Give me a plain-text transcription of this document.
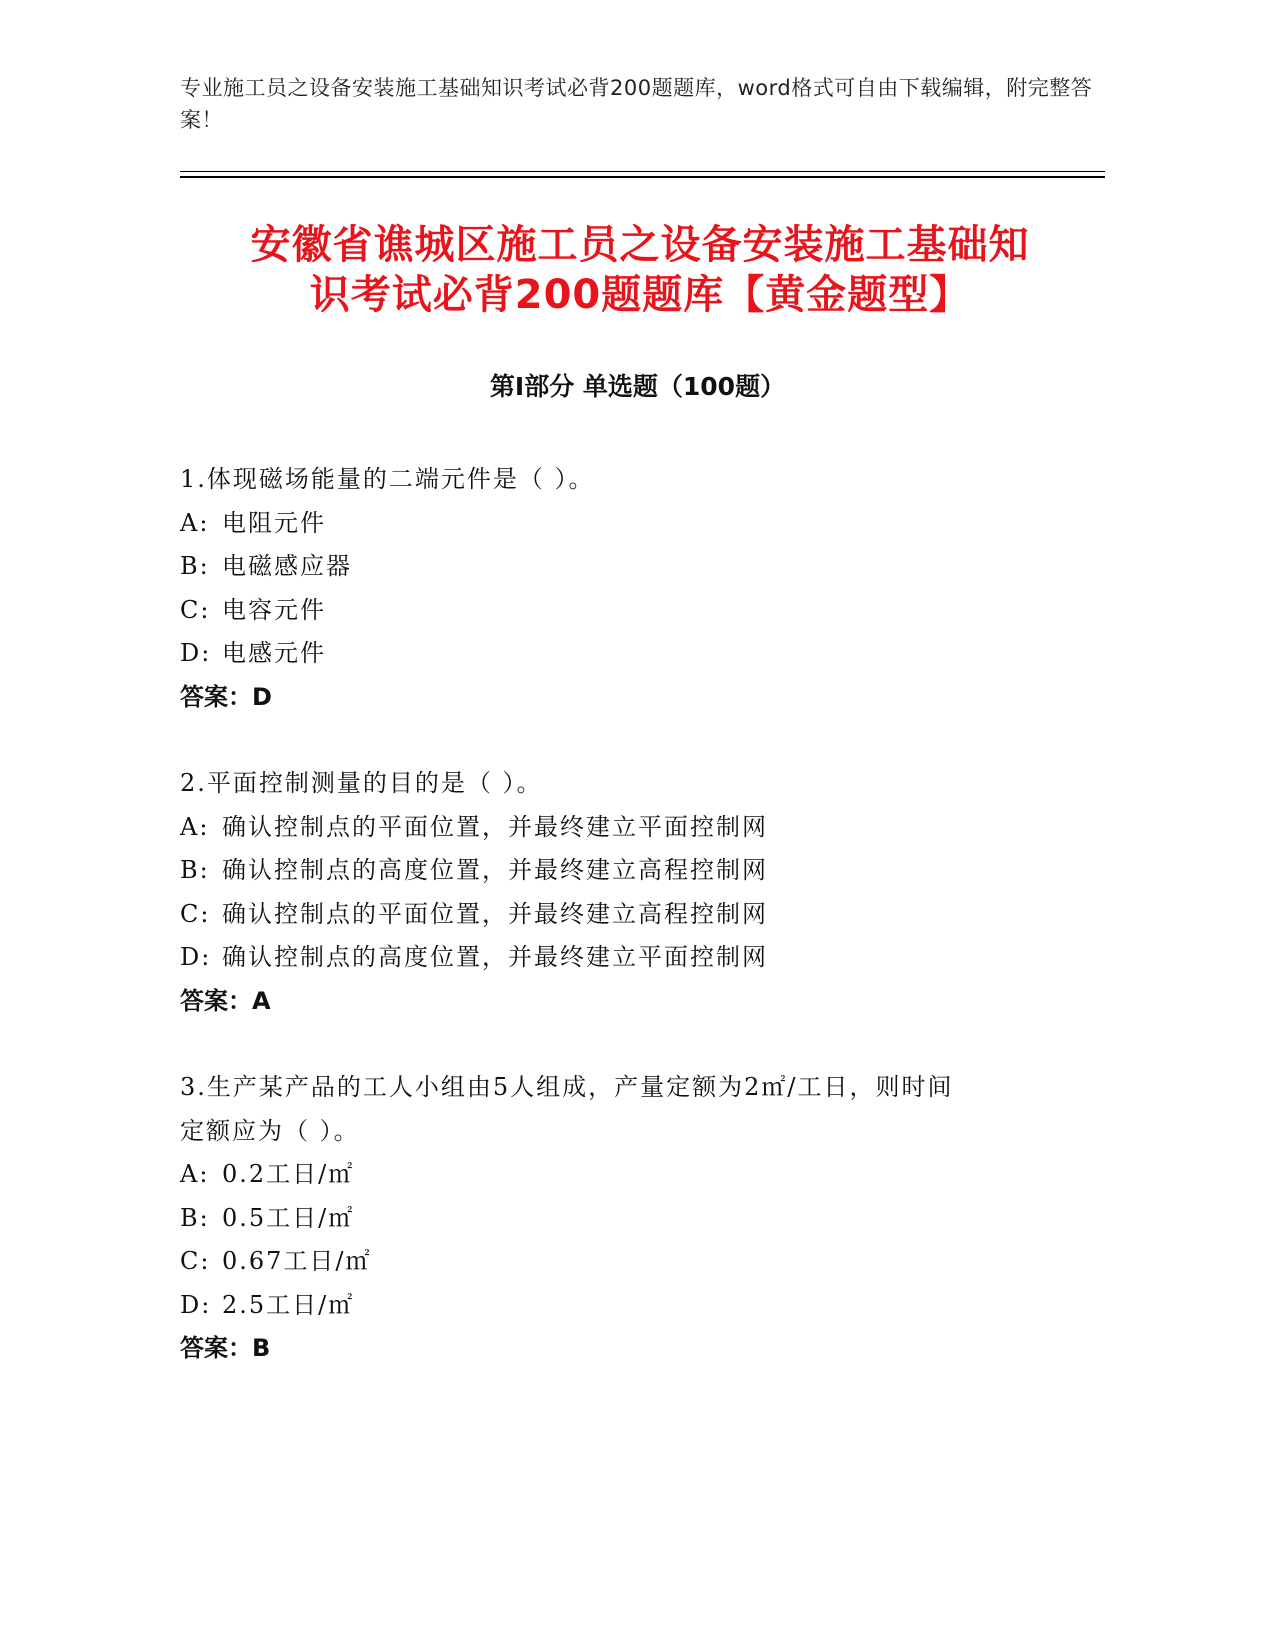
专业施工员之设备安装施工基础知识考试必背200题题库，word格式可自由下载编辑，附完整答案！
安徽省谯城区施工员之设备安装施工基础知
识考试必背200题题库【黄金题型】
第Ⅰ部分 单选题（100题）
1.体现磁场能量的二端元件是（ ）。
A: 电阻元件
B: 电磁感应器
C: 电容元件
D: 电感元件
答案：D
2.平面控制测量的目的是（ ）。
A: 确认控制点的平面位置，并最终建立平面控制网
B: 确认控制点的高度位置，并最终建立高程控制网
C: 确认控制点的平面位置，并最终建立高程控制网
D: 确认控制点的高度位置，并最终建立平面控制网
答案：A
3.生产某产品的工人小组由5人组成，产量定额为2㎡/工日，则时间
定额应为（ ）。
A: 0.2工日/㎡
B: 0.5工日/㎡
C: 0.67工日/㎡
D: 2.5工日/㎡
答案：B
